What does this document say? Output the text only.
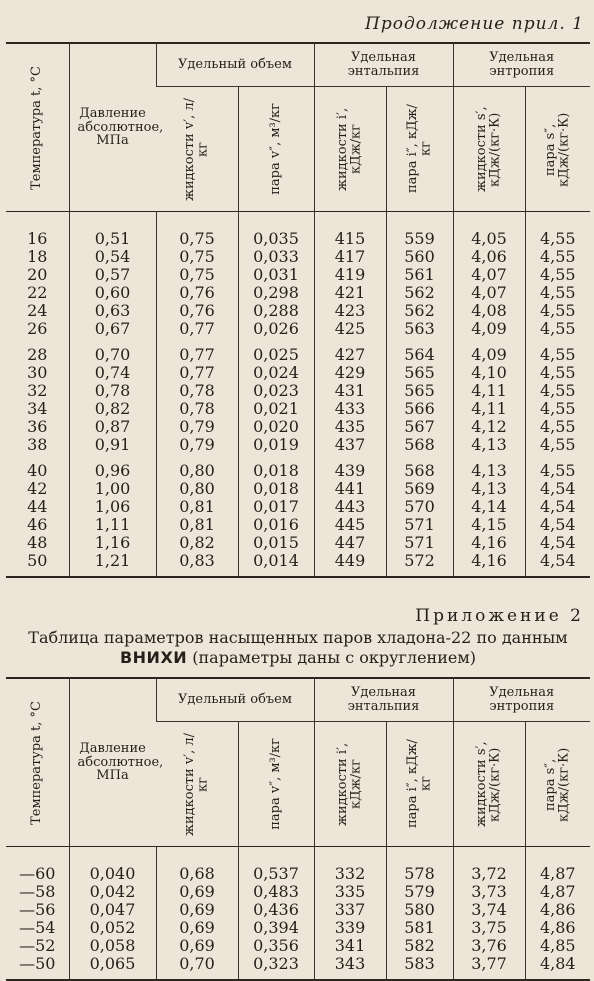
Продолжение прил. 1
Температура t, °C	Давление абсолютное, МПа	Удельный объем		Удельная энтальпия		Удельная энтропия	

		жидкости v′, л/кг	пара v″, м³/кг	жидкости i′, кДж/кг	пара i″, кДж/кг	жидкости s′, кДж/(кг·К)	пара s″, кДж/(кг·К)

16	0,51	0,75	0,035	415	559	4,05	4,55
18	0,54	0,75	0,033	417	560	4,06	4,55
20	0,57	0,75	0,031	419	561	4,07	4,55
22	0,60	0,76	0,298	421	562	4,07	4,55
24	0,63	0,76	0,288	423	562	4,08	4,55
26	0,67	0,77	0,026	425	563	4,09	4,55
28	0,70	0,77	0,025	427	564	4,09	4,55
30	0,74	0,77	0,024	429	565	4,10	4,55
32	0,78	0,78	0,023	431	565	4,11	4,55
34	0,82	0,78	0,021	433	566	4,11	4,55
36	0,87	0,79	0,020	435	567	4,12	4,55
38	0,91	0,79	0,019	437	568	4,13	4,55
40	0,96	0,80	0,018	439	568	4,13	4,55
42	1,00	0,80	0,018	441	569	4,13	4,54
44	1,06	0,81	0,017	443	570	4,14	4,54
46	1,11	0,81	0,016	445	571	4,15	4,54
48	1,16	0,82	0,015	447	571	4,16	4,54
50	1,21	0,83	0,014	449	572	4,16	4,54
Приложение 2
Таблица параметров насыщенных паров хладона-22 по данным
ВНИХИ (параметры даны с округлением)
Температура t, °C	Давление абсолютное, МПа	Удельный объем		Удельная энтальпия		Удельная энтропия	

		жидкости v′, л/кг	пара v″, м³/кг	жидкости i′, кДж/кг	пара i″, кДж/кг	жидкости s′, кДж/(кг·К)	пара s″, кДж/(кг·К)

—60	0,040	0,68	0,537	332	578	3,72	4,87
—58	0,042	0,69	0,483	335	579	3,73	4,87
—56	0,047	0,69	0,436	337	580	3,74	4,86
—54	0,052	0,69	0,394	339	581	3,75	4,86
—52	0,058	0,69	0,356	341	582	3,76	4,85
—50	0,065	0,70	0,323	343	583	3,77	4,84
